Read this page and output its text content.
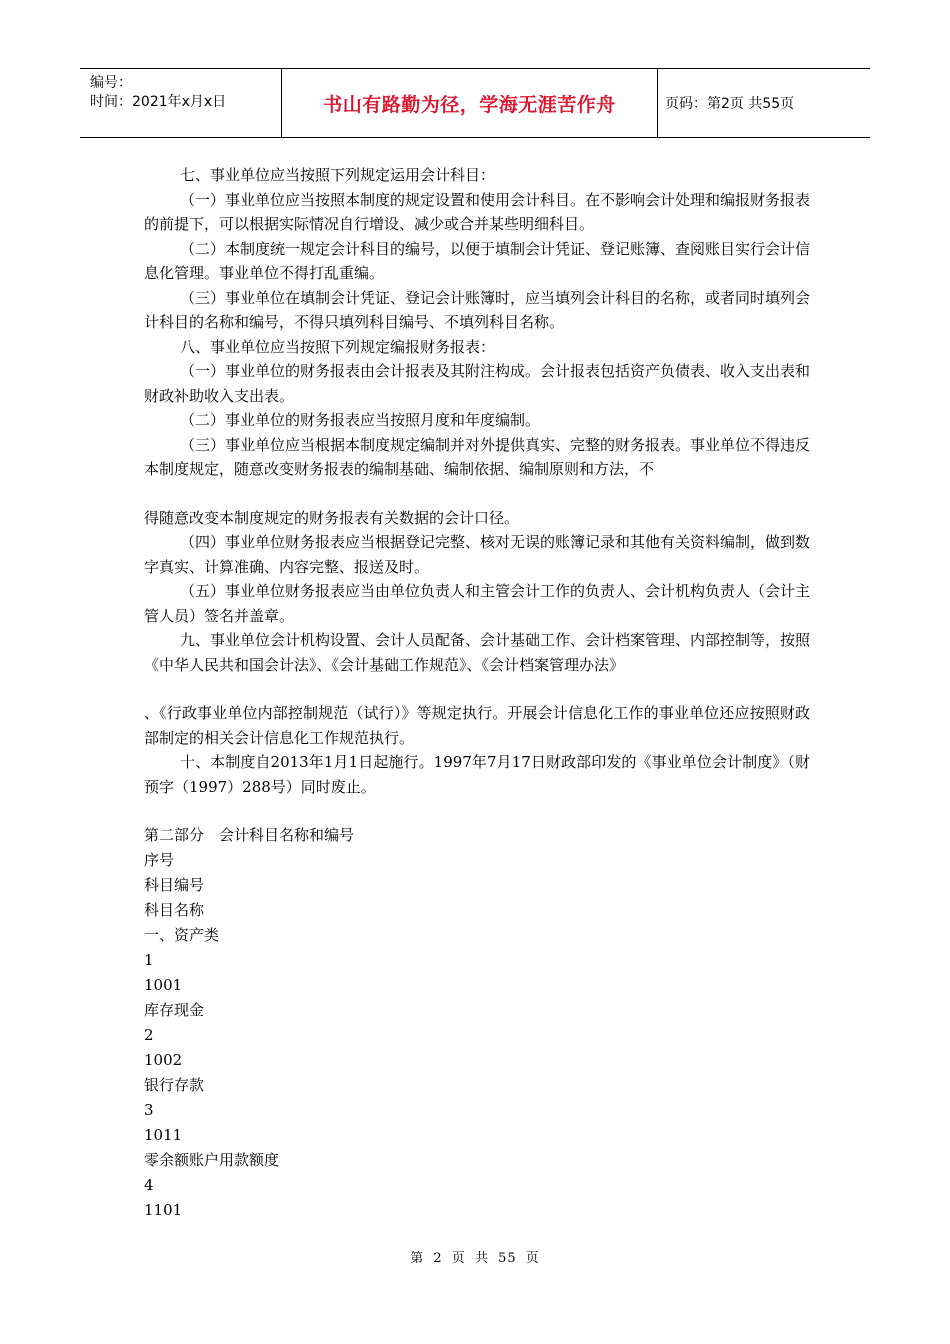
编号：
时间：2021年x月x日	书山有路勤为径，学海无涯苦作舟	页码：第2页 共55页

七、事业单位应当按照下列规定运用会计科目：

（一）事业单位应当按照本制度的规定设置和使用会计科目。在不影响会计处理和编报财务报表的前提下，可以根据实际情况自行增设、减少或合并某些明细科目。

（二）本制度统一规定会计科目的编号，以便于填制会计凭证、登记账簿、查阅账目实行会计信息化管理。事业单位不得打乱重编。

（三）事业单位在填制会计凭证、登记会计账簿时，应当填列会计科目的名称，或者同时填列会计科目的名称和编号，不得只填列科目编号、不填列科目名称。

八、事业单位应当按照下列规定编报财务报表：

（一）事业单位的财务报表由会计报表及其附注构成。会计报表包括资产负债表、收入支出表和财政补助收入支出表。

（二）事业单位的财务报表应当按照月度和年度编制。

（三）事业单位应当根据本制度规定编制并对外提供真实、完整的财务报表。事业单位不得违反本制度规定，随意改变财务报表的编制基础、编制依据、编制原则和方法，不

得随意改变本制度规定的财务报表有关数据的会计口径。

（四）事业单位财务报表应当根据登记完整、核对无误的账簿记录和其他有关资料编制，做到数字真实、计算准确、内容完整、报送及时。

（五）事业单位财务报表应当由单位负责人和主管会计工作的负责人、会计机构负责人（会计主管人员）签名并盖章。

九、事业单位会计机构设置、会计人员配备、会计基础工作、会计档案管理、内部控制等，按照《中华人民共和国会计法》、《会计基础工作规范》、《会计档案管理办法》

、《行政事业单位内部控制规范（试行）》等规定执行。开展会计信息化工作的事业单位还应按照财政部制定的相关会计信息化工作规范执行。

十、本制度自2013年1月1日起施行。1997年7月17日财政部印发的《事业单位会计制度》（财预字（1997）288号）同时废止。

第二部分　会计科目名称和编号
序号
科目编号
科目名称
一、资产类
1
1001
库存现金
2
1002
银行存款
3
1011
零余额账户用款额度
4
1101
第 2 页 共 55 页
